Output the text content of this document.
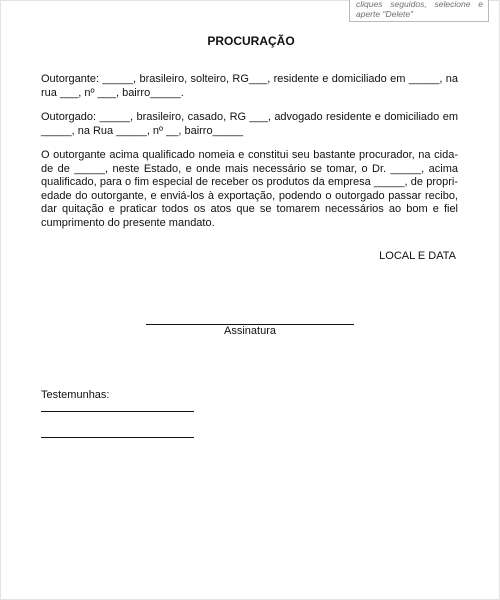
cliques seguidos, selecione e aperte "Delete"
PROCURAÇÃO

Outorgante: _____, brasileiro, solteiro, RG___, residente e domiciliado em _____, na rua ___, nº ___, bairro_____.

Outorgado: _____, brasileiro, casado, RG ___, advogado residente e domiciliado em _____, na Rua _____, nº __, bairro_____

O outorgante acima qualificado nomeia e constitui seu bastante procurador, na cida-de de _____, neste Estado, e onde mais necessário se tomar, o Dr. _____, acima qualificado, para o fim especial de receber os produtos da empresa _____, de propri-edade do outorgante, e enviá-los à exportação, podendo o outorgado passar recibo, dar quitação e praticar todos os atos que se tomarem necessários ao bom e fiel cumprimento do presente mandato.

LOCAL E DATA
Assinatura
Testemunhas:
